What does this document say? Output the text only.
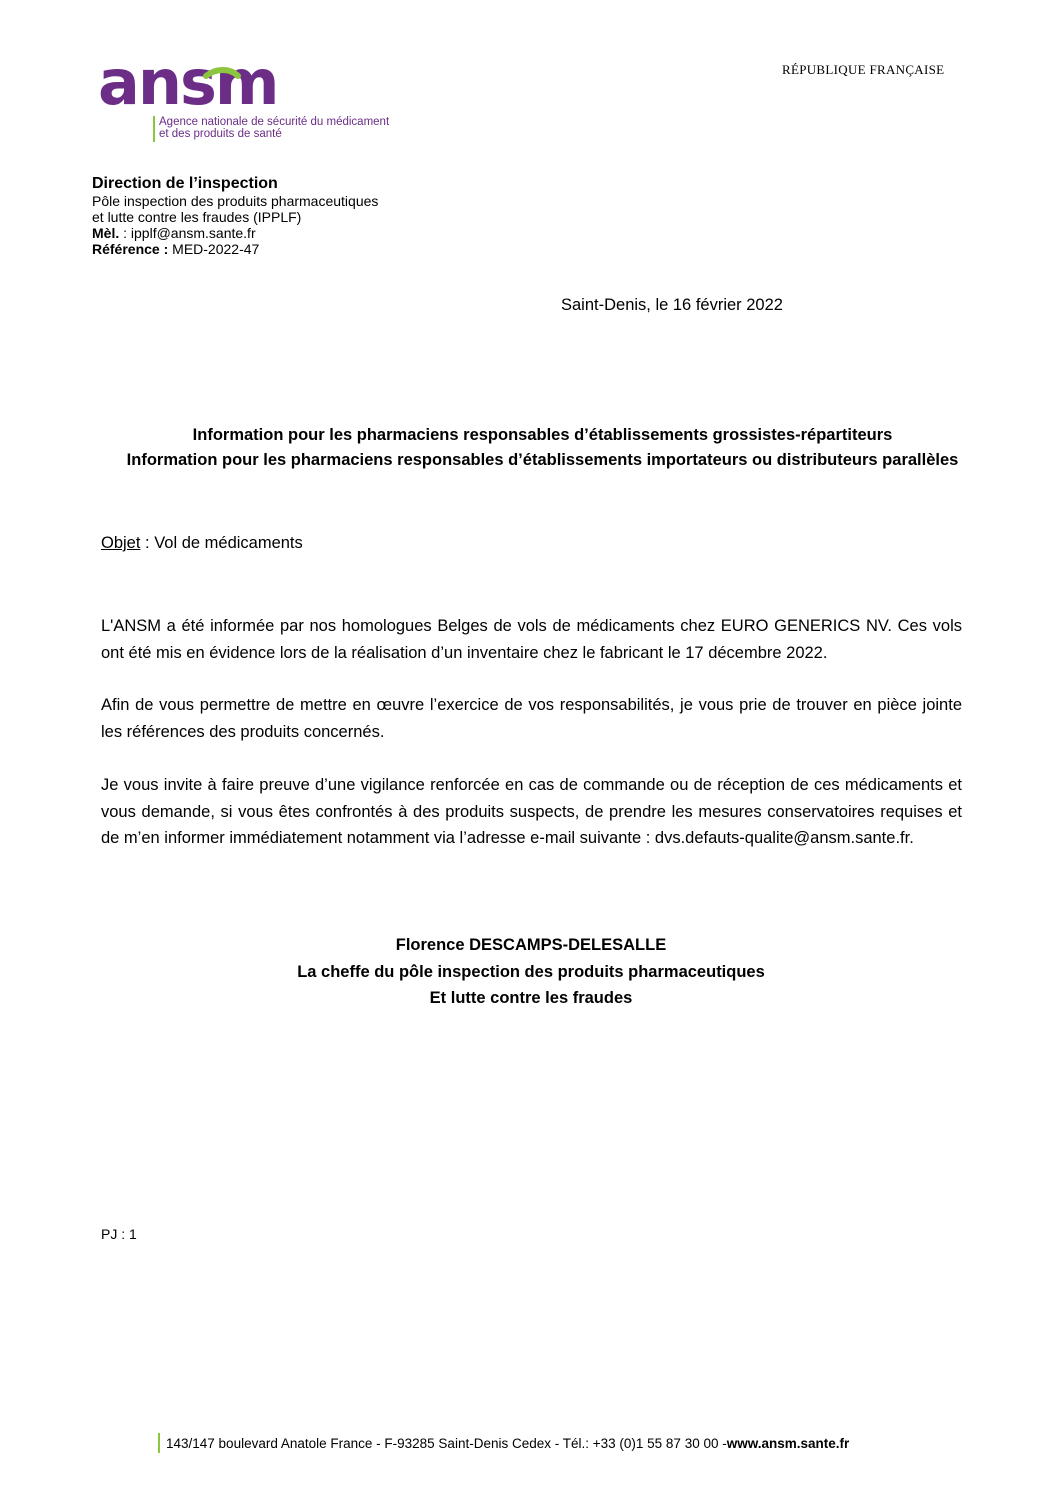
ansm
Agence nationale de sécurité du médicament
et des produits de santé
RÉPUBLIQUE FRANÇAISE
Direction de l’inspection
Pôle inspection des produits pharmaceutiques
et lutte contre les fraudes (IPPLF)
Mèl. : ipplf@ansm.sante.fr
Référence : MED-2022-47
Saint-Denis, le 16 février 2022
Information pour les pharmaciens responsables d’établissements grossistes-répartiteurs
Information pour les pharmaciens responsables d’établissements importateurs ou distributeurs parallèles
Objet : Vol de médicaments
L'ANSM a été informée par nos homologues Belges de vols de médicaments chez EURO GENERICS NV. Ces vols ont été mis en évidence lors de la réalisation d’un inventaire chez le fabricant le 17 décembre 2022.
Afin de vous permettre de mettre en œuvre l’exercice de vos responsabilités, je vous prie de trouver en pièce jointe les références des produits concernés.
Je vous invite à faire preuve d’une vigilance renforcée en cas de commande ou de réception de ces médicaments et vous demande, si vous êtes confrontés à des produits suspects, de prendre les mesures conservatoires requises et de m’en informer immédiatement notamment via l’adresse e-mail suivante : dvs.defauts-qualite@ansm.sante.fr.
Florence DESCAMPS-DELESALLE
La cheffe du pôle inspection des produits pharmaceutiques
Et lutte contre les fraudes
PJ : 1
143/147 boulevard Anatole France - F-93285 Saint-Denis Cedex - Tél.: +33 (0)1 55 87 30 00 - www.ansm.sante.fr
